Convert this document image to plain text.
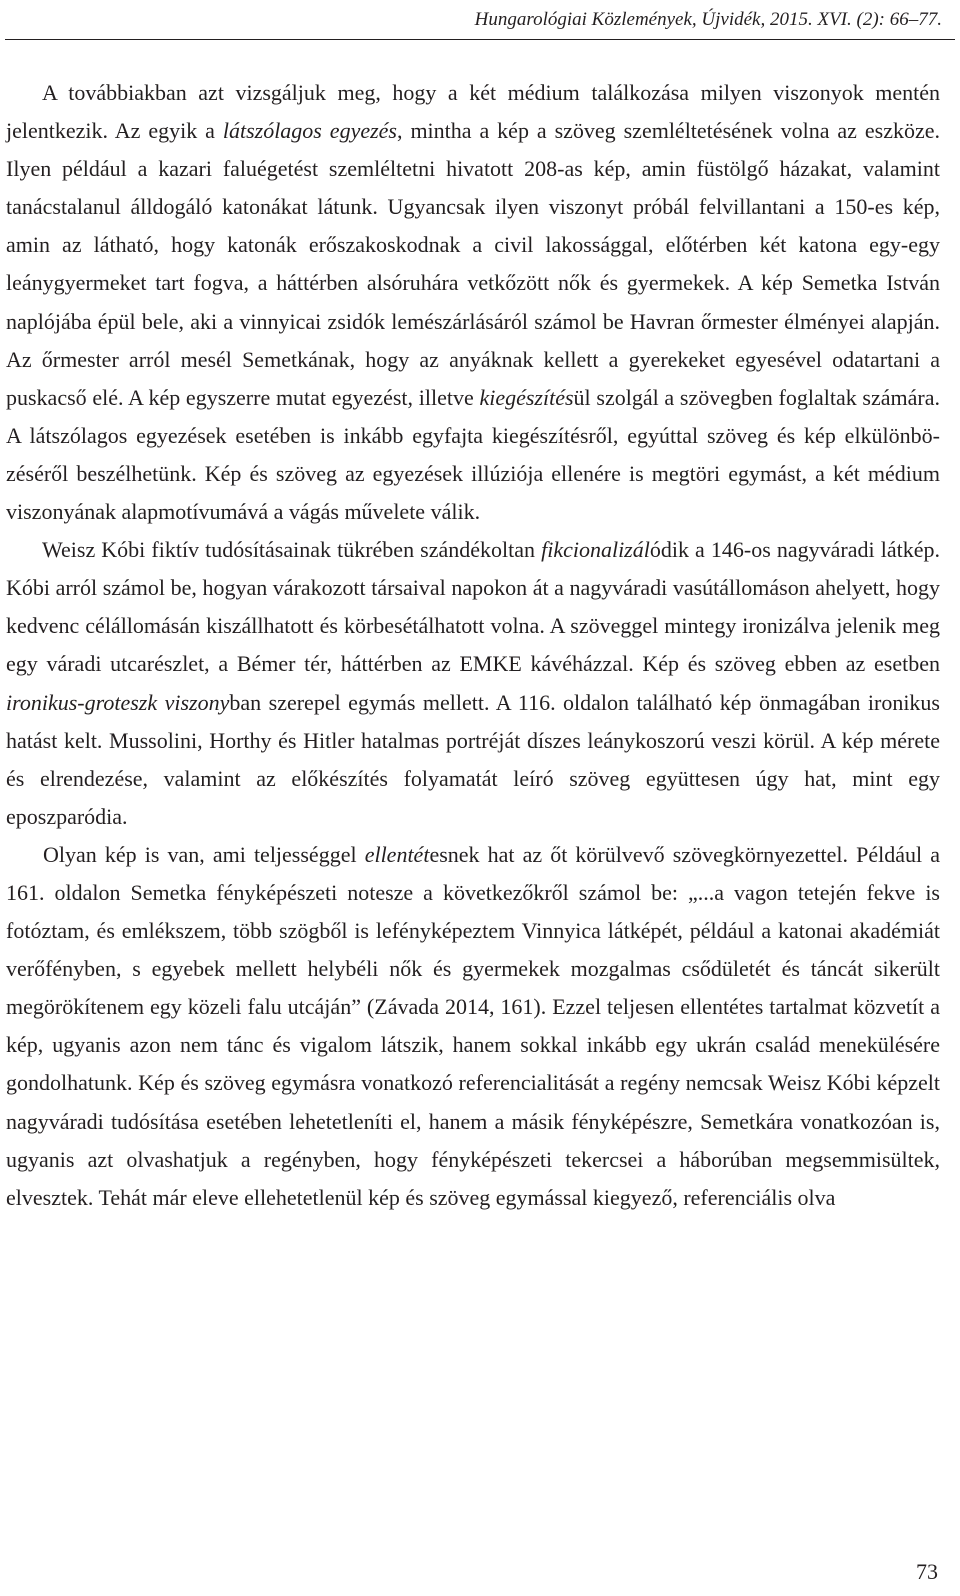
Hungarológiai Közlemények, Újvidék, 2015. XVI. (2): 66–77.

A továbbiakban azt vizsgáljuk meg, hogy a két médium találkozása milyen viszonyok mentén jelentkezik. Az egyik a látszólagos egyezés, mintha a kép a szöveg szemléltetésének volna az eszköze. Ilyen például a kazari faluégetést szemléltetni hivatott 208-as kép, amin füstölgő házakat, valamint tanácstalanul álldogáló katonákat látunk. Ugyancsak ilyen viszonyt próbál felvillantani a 150-es kép, amin az látható, hogy katonák erőszakoskodnak a civil lakossággal, előtérben két katona egy-egy leánygyermeket tart fogva, a háttérben alsóruhára vetkőzött nők és gyermekek. A kép Semetka István naplójába épül bele, aki a vinnyicai zsidók lemészárlásáról számol be Havran őrmester élményei alapján. Az őrmester arról mesél Semetkának, hogy az anyáknak kellett a gyerekeket egyesével odatartani a puskacső elé. A kép egyszerre mutat egyezést, illetve kiegészítésül szolgál a szövegben foglaltak számára. A látszólagos egyezések esetében is inkább egyfajta kiegészítésről, egyúttal szöveg és kép elkülönbözéséről beszélhetünk. Kép és szöveg az egyezések illúziója ellenére is megtöri egymást, a két médium viszonyának alapmotívumává a vágás művelete válik.

Weisz Kóbi fiktív tudósításainak tükrében szándékoltan fikcionalizálódik a 146-os nagyváradi látkép. Kóbi arról számol be, hogyan várakozott társaival napokon át a nagyváradi vasútállomáson ahelyett, hogy kedvenc célállomásán kiszállhatott és körbesétálhatott volna. A szöveggel mintegy ironizálva jelenik meg egy váradi utcarészlet, a Bémer tér, háttérben az EMKE kávéházzal. Kép és szöveg ebben az esetben ironikus-groteszk viszonyban szerepel egymás mellett. A 116. oldalon található kép önmagában ironikus hatást kelt. Mussolini, Horthy és Hitler hatalmas portréját díszes leánykoszorú veszi körül. A kép mérete és elrendezése, valamint az előkészítés folyamatát leíró szöveg együttesen úgy hat, mint egy eposzparódia.

Olyan kép is van, ami teljességgel ellentétesnek hat az őt körülvevő szövegkörnyezettel. Például a 161. oldalon Semetka fényképészeti notesze a következőkről számol be: „...a vagon tetején fekve is fotóztam, és emlékszem, több szögből is lefényképeztem Vinnyica látképét, például a katonai akadémiát verőfényben, s egyebek mellett helybéli nők és gyermekek mozgalmas csődületét és táncát sikerült megörökítenem egy közeli falu utcáján” (Závada 2014, 161). Ezzel teljesen ellentétes tartalmat közvetít a kép, ugyanis azon nem tánc és vigalom látszik, hanem sokkal inkább egy ukrán család menekülésére gondolhatunk. Kép és szöveg egymásra vonatkozó referencialitását a regény nemcsak Weisz Kóbi képzelt nagyváradi tudósítása esetében lehetetleníti el, hanem a másik fényképészre, Semetkára vonatkozóan is, ugyanis azt olvashatjuk a regényben, hogy fényképészeti tekercsei a háborúban megsemmisültek, elvesztek. Tehát már eleve ellehetetlenül kép és szöveg egymással kiegyező, referenciális olva

73
